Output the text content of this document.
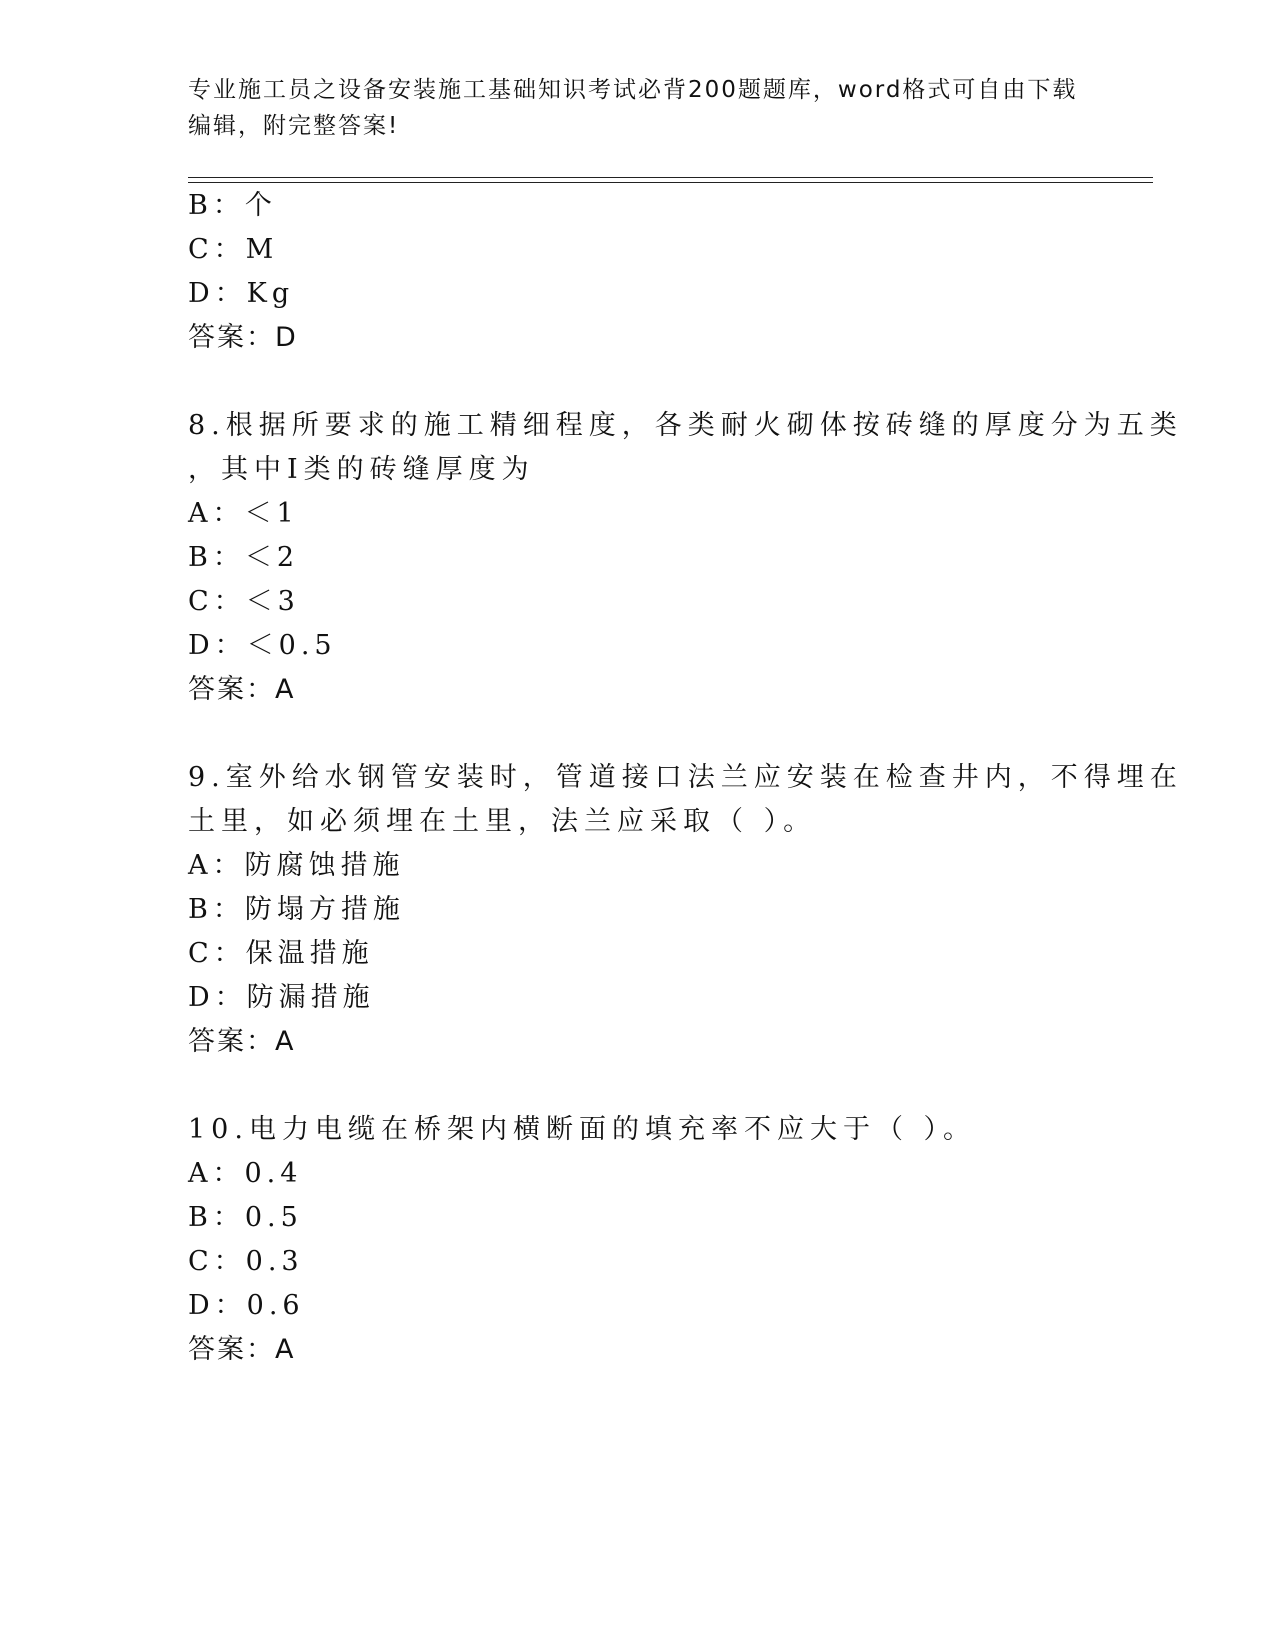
专业施工员之设备安装施工基础知识考试必背200题题库，word格式可自由下载编辑，附完整答案!
B：个
C：M
D：Kg
答案：D
8.根据所要求的施工精细程度，各类耐火砌体按砖缝的厚度分为五类
，其中Ⅰ类的砖缝厚度为
A：＜1
B：＜2
C：＜3
D：＜0.5
答案：A
9.室外给水钢管安装时，管道接口法兰应安装在检查井内，不得埋在
土里，如必须埋在土里，法兰应采取（ ）。
A：防腐蚀措施
B：防塌方措施
C：保温措施
D：防漏措施
答案：A
10.电力电缆在桥架内横断面的填充率不应大于（ ）。
A：0.4
B：0.5
C：0.3
D：0.6
答案：A
